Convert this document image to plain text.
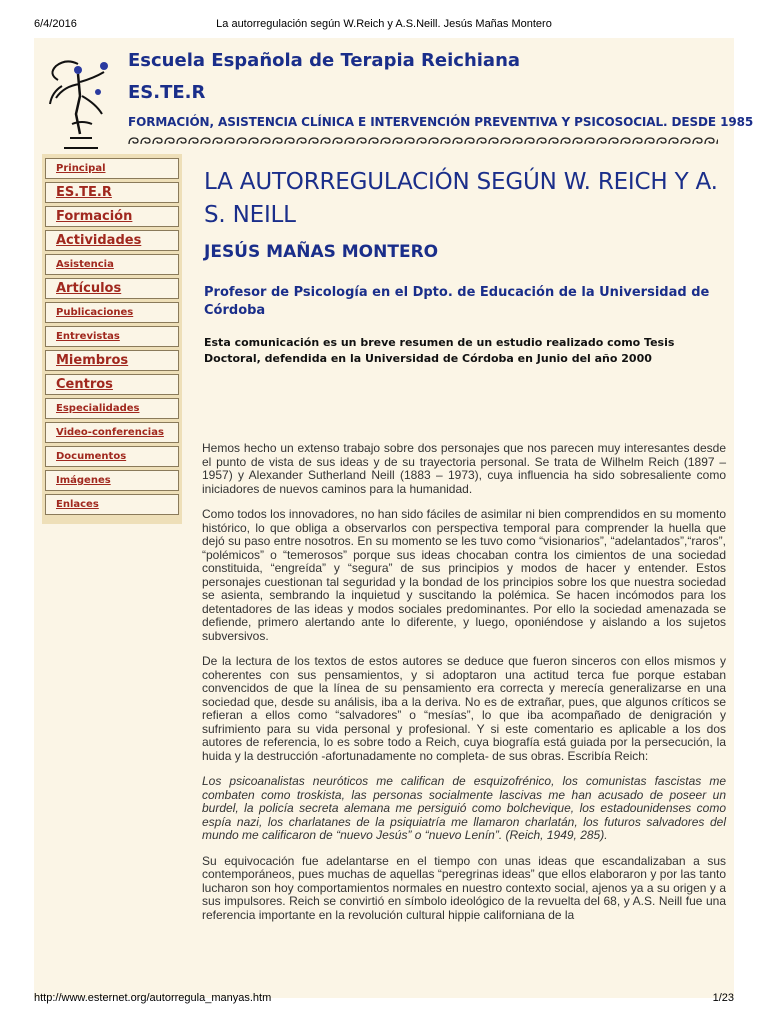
6/4/2016	La autorregulación según W.Reich y A.S.Neill. Jesús Mañas Montero
Escuela Española de Terapia Reichiana
ES.TE.R
FORMACIÓN, ASISTENCIA CLÍNICA E INTERVENCIÓN PREVENTIVA Y PSICOSOCIAL. DESDE 1985
Principal
ES.TE.R
Formación
Actividades
Asistencia
Artículos
Publicaciones
Entrevistas
Miembros
Centros
Especialidades
Video-conferencias
Documentos
Imágenes
Enlaces
LA AUTORREGULACIÓN SEGÚN W. REICH Y A. S. NEILL
JESÚS MAÑAS MONTERO
Profesor de Psicología en el Dpto. de Educación de la Universidad de Córdoba
Esta comunicación es un breve resumen de un estudio realizado como Tesis Doctoral, defendida en la Universidad de Córdoba en Junio del año 2000

Hemos hecho un extenso trabajo sobre dos personajes que nos parecen muy interesantes desde el punto de vista de sus ideas y de su trayectoria personal. Se trata de Wilhelm Reich (1897 – 1957) y Alexander Sutherland Neill (1883 – 1973), cuya influencia ha sido sobresaliente como iniciadores de nuevos caminos para la humanidad.

Como todos los innovadores, no han sido fáciles de asimilar ni bien comprendidos en su momento histórico, lo que obliga a observarlos con perspectiva temporal para comprender la huella que dejó su paso entre nosotros. En su momento se les tuvo como “visionarios”, “adelantados”,“raros”, “polémicos” o “temerosos” porque sus ideas chocaban contra los cimientos de una sociedad constituida, “engreída” y “segura” de sus principios y modos de hacer y entender. Estos personajes cuestionan tal seguridad y la bondad de los principios sobre los que nuestra sociedad se asienta, sembrando la inquietud y suscitando la polémica. Se hacen incómodos para los detentadores de las ideas y modos sociales predominantes. Por ello la sociedad amenazada se defiende, primero alertando ante lo diferente, y luego, oponiéndose y aislando a los sujetos subversivos.

De la lectura de los textos de estos autores se deduce que fueron sinceros con ellos mismos y coherentes con sus pensamientos, y si adoptaron una actitud terca fue porque estaban convencidos de que la línea de su pensamiento era correcta y merecía generalizarse en una sociedad que, desde su análisis, iba a la deriva. No es de extrañar, pues, que algunos críticos se refieran a ellos como “salvadores” o “mesías”, lo que iba acompañado de denigración y sufrimiento para su vida personal y profesional. Y si este comentario es aplicable a los dos autores de referencia, lo es sobre todo a Reich, cuya biografía está guiada por la persecución, la huida y la destrucción -afortunadamente no completa- de sus obras. Escribía Reich:

Los psicoanalistas neuróticos me califican de esquizofrénico, los comunistas fascistas me combaten como troskista, las personas socialmente lascivas me han acusado de poseer un burdel, la policía secreta alemana me persiguió como bolchevique, los estadounidenses como espía nazi, los charlatanes de la psiquiatría me llamaron charlatán, los futuros salvadores del mundo me calificaron de “nuevo Jesús” o “nuevo Lenín”. (Reich, 1949, 285).

Su equivocación fue adelantarse en el tiempo con unas ideas que escandalizaban a sus contemporáneos, pues muchas de aquellas “peregrinas ideas” que ellos elaboraron y por las tanto lucharon son hoy comportamientos normales en nuestro contexto social, ajenos ya a su origen y a sus impulsores. Reich se convirtió en símbolo ideológico de la revuelta del 68, y A.S. Neill fue una referencia importante en la revolución cultural hippie californiana de la

http://www.esternet.org/autorregula_manyas.htm	1/23
